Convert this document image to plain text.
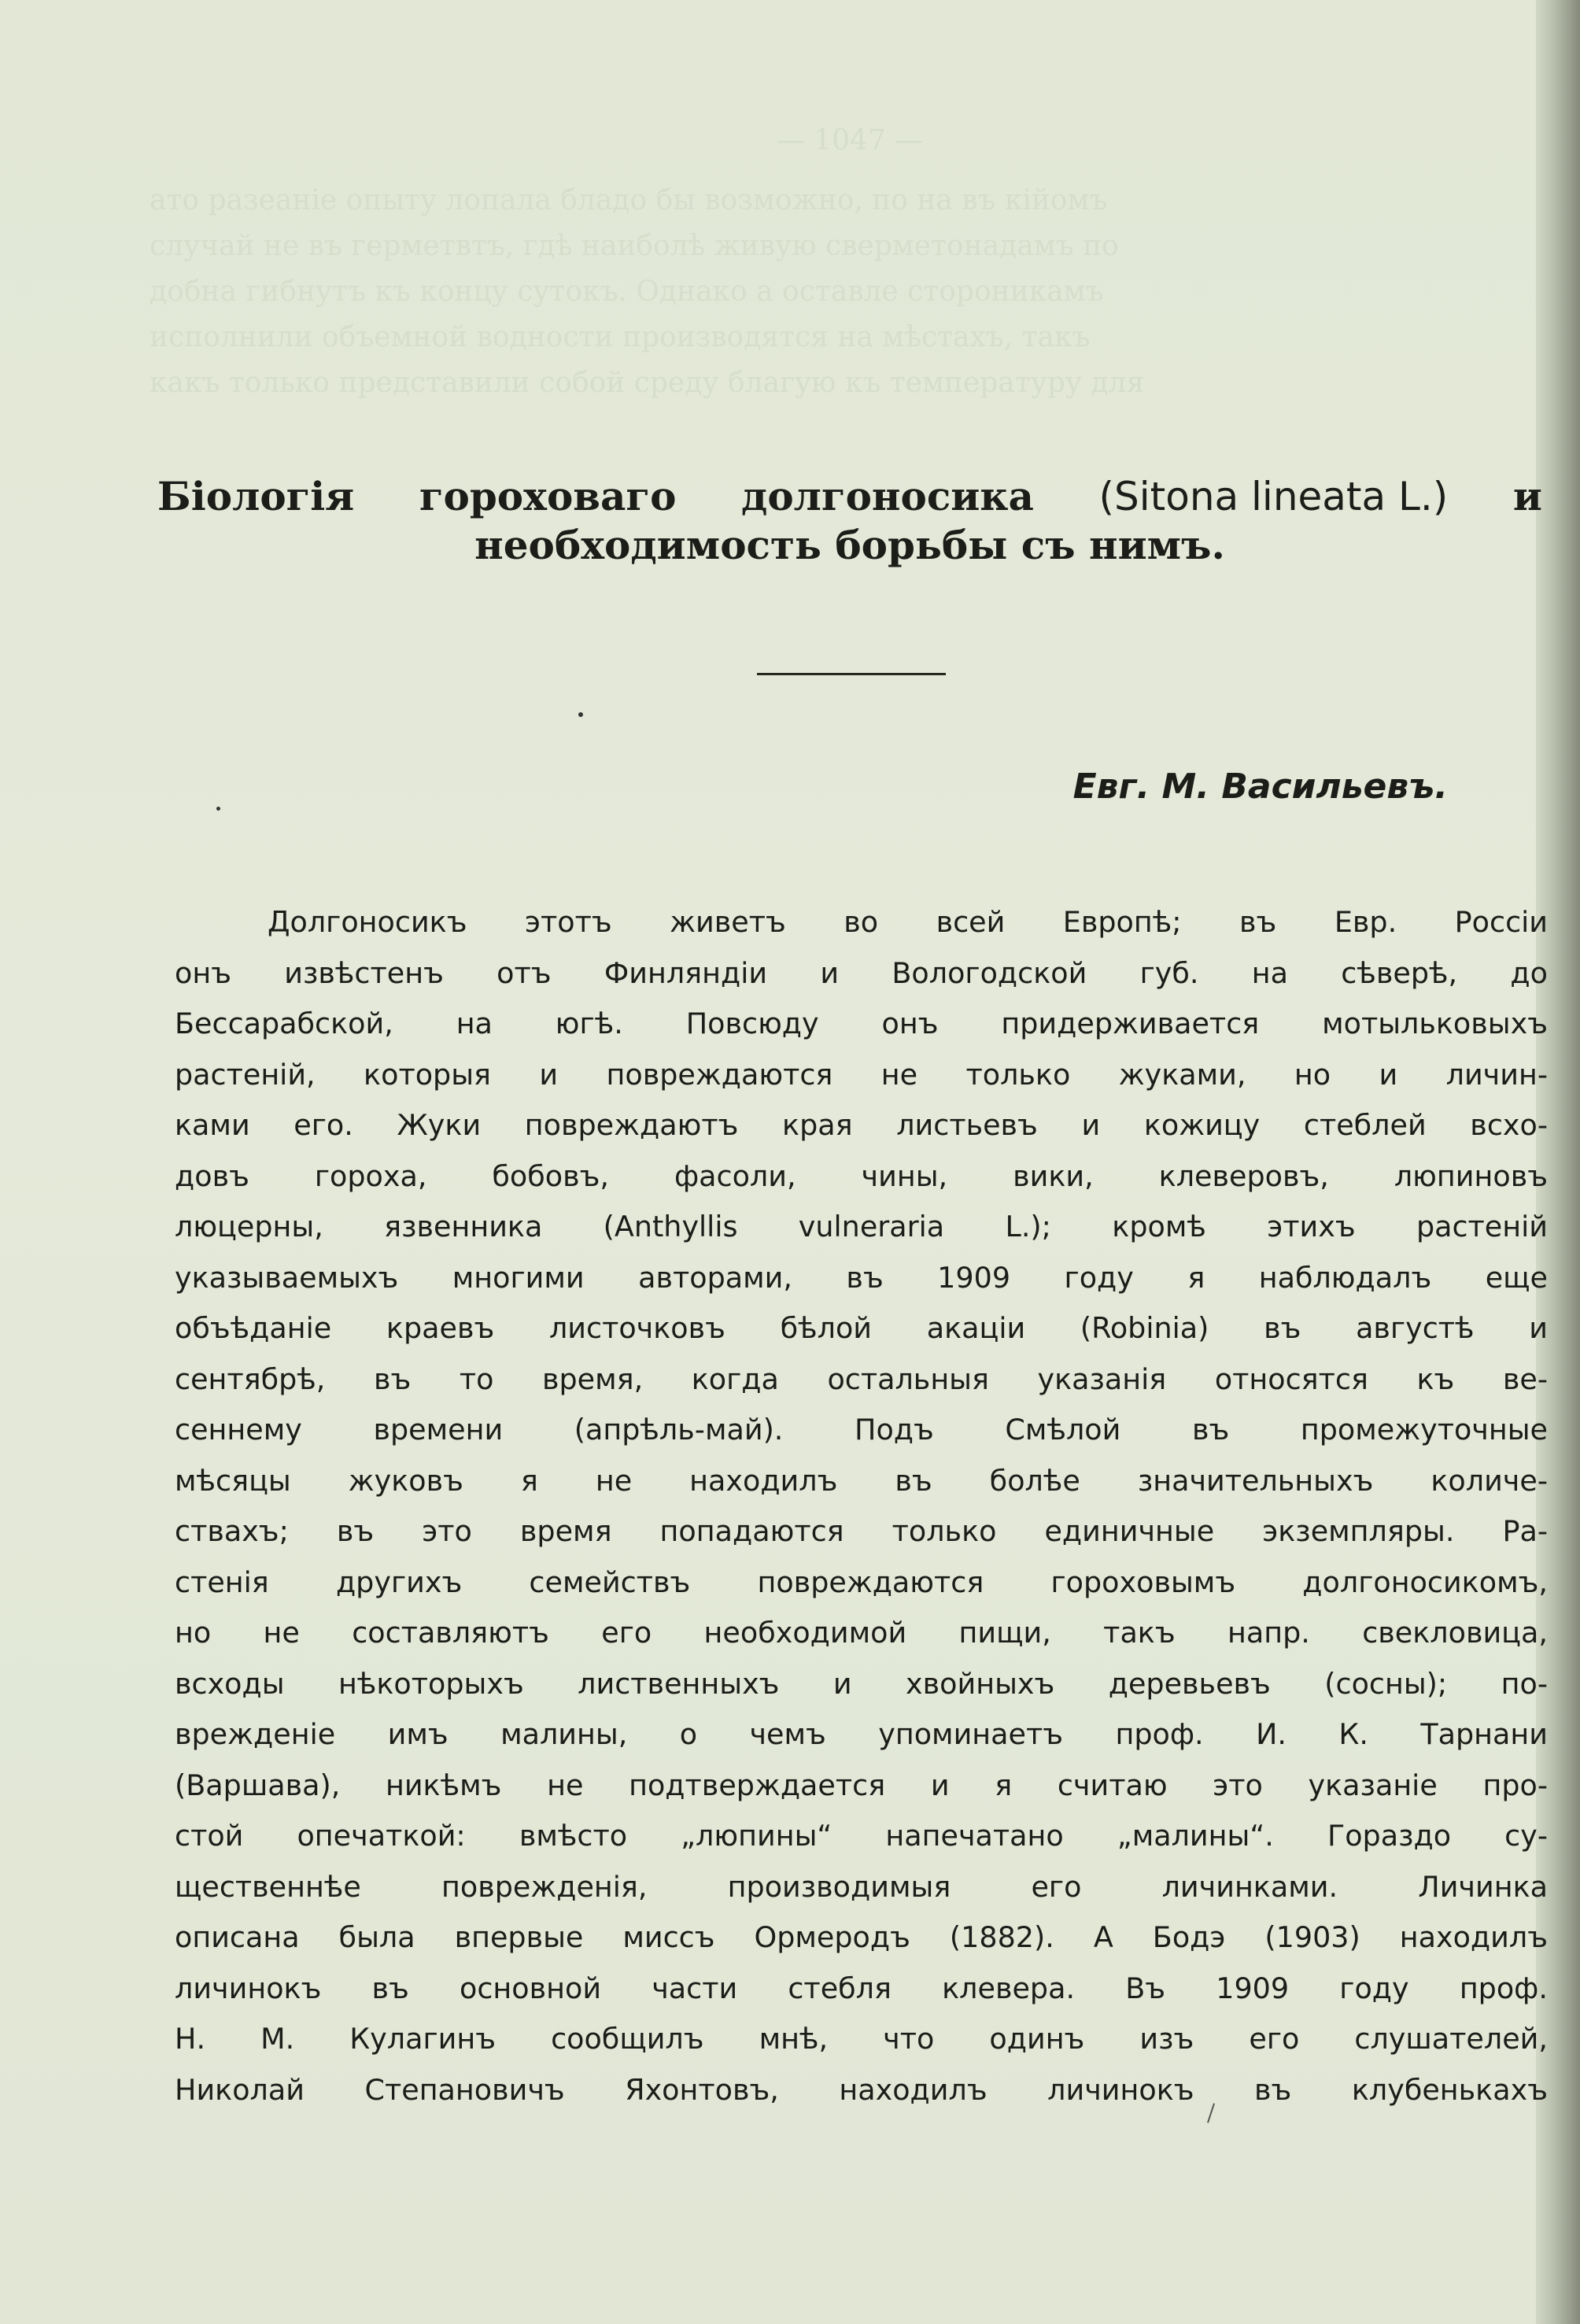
— 1047 —
ато разеаніе опыту лопала бладо бы возможно, по на въ кійомъ
случай не въ герметвтъ, гдѣ наиболѣ живую сверметонадамъ по
добна гибнутъ къ концу сутокъ. Однако а оставле стороникамъ
исполнили объемной водности производятся на мѣстахъ, такъ
какъ только представили собой среду благую къ температуру для
Біологія гороховаго долгоносика (Sitona lineata L.) и
необходимость борьбы съ нимъ.
Евг. М. Васильевъ.
Долгоносикъ этотъ живетъ во всей Европѣ; въ Евр. Россіи
онъ извѣстенъ отъ Финляндіи и Вологодской губ. на сѣверѣ, до
Бессарабской, на югѣ. Повсюду онъ придерживается мотыльковыхъ
растеній, которыя и повреждаются не только жуками, но и личин-
ками его. Жуки повреждаютъ края листьевъ и кожицу стеблей всхо-
довъ гороха, бобовъ, фасоли, чины, вики, клеверовъ, люпиновъ
люцерны, язвенника (Anthyllis vulneraria L.); кромѣ этихъ растеній
указываемыхъ многими авторами, въ 1909 году я наблюдалъ еще
объѣданіе краевъ листочковъ бѣлой акаціи (Robinia) въ августѣ и
сентябрѣ, въ то время, когда остальныя указанія относятся къ ве-
сеннему времени (апрѣль-май). Подъ Смѣлой въ промежуточные
мѣсяцы жуковъ я не находилъ въ болѣе значительныхъ количе-
ствахъ; въ это время попадаются только единичные экземпляры. Ра-
стенія другихъ семействъ повреждаются гороховымъ долгоносикомъ,
но не составляютъ его необходимой пищи, такъ напр. свекловица,
всходы нѣкоторыхъ лиственныхъ и хвойныхъ деревьевъ (сосны); по-
врежденіе имъ малины, о чемъ упоминаетъ проф. И. К. Тарнани
(Варшава), никѣмъ не подтверждается и я считаю это указаніе про-
стой опечаткой: вмѣсто „люпины“ напечатано „малины“. Гораздо су-
щественнѣе поврежденія, производимыя его личинками. Личинка
описана была впервые миссъ Ормеродъ (1882). А Бодэ (1903) находилъ
личинокъ въ основной части стебля клевера. Въ 1909 году проф.
Н. М. Кулагинъ сообщилъ мнѣ, что одинъ изъ его слушателей,
Николай Степановичъ Яхонтовъ, находилъ личинокъ въ клубенькахъ
